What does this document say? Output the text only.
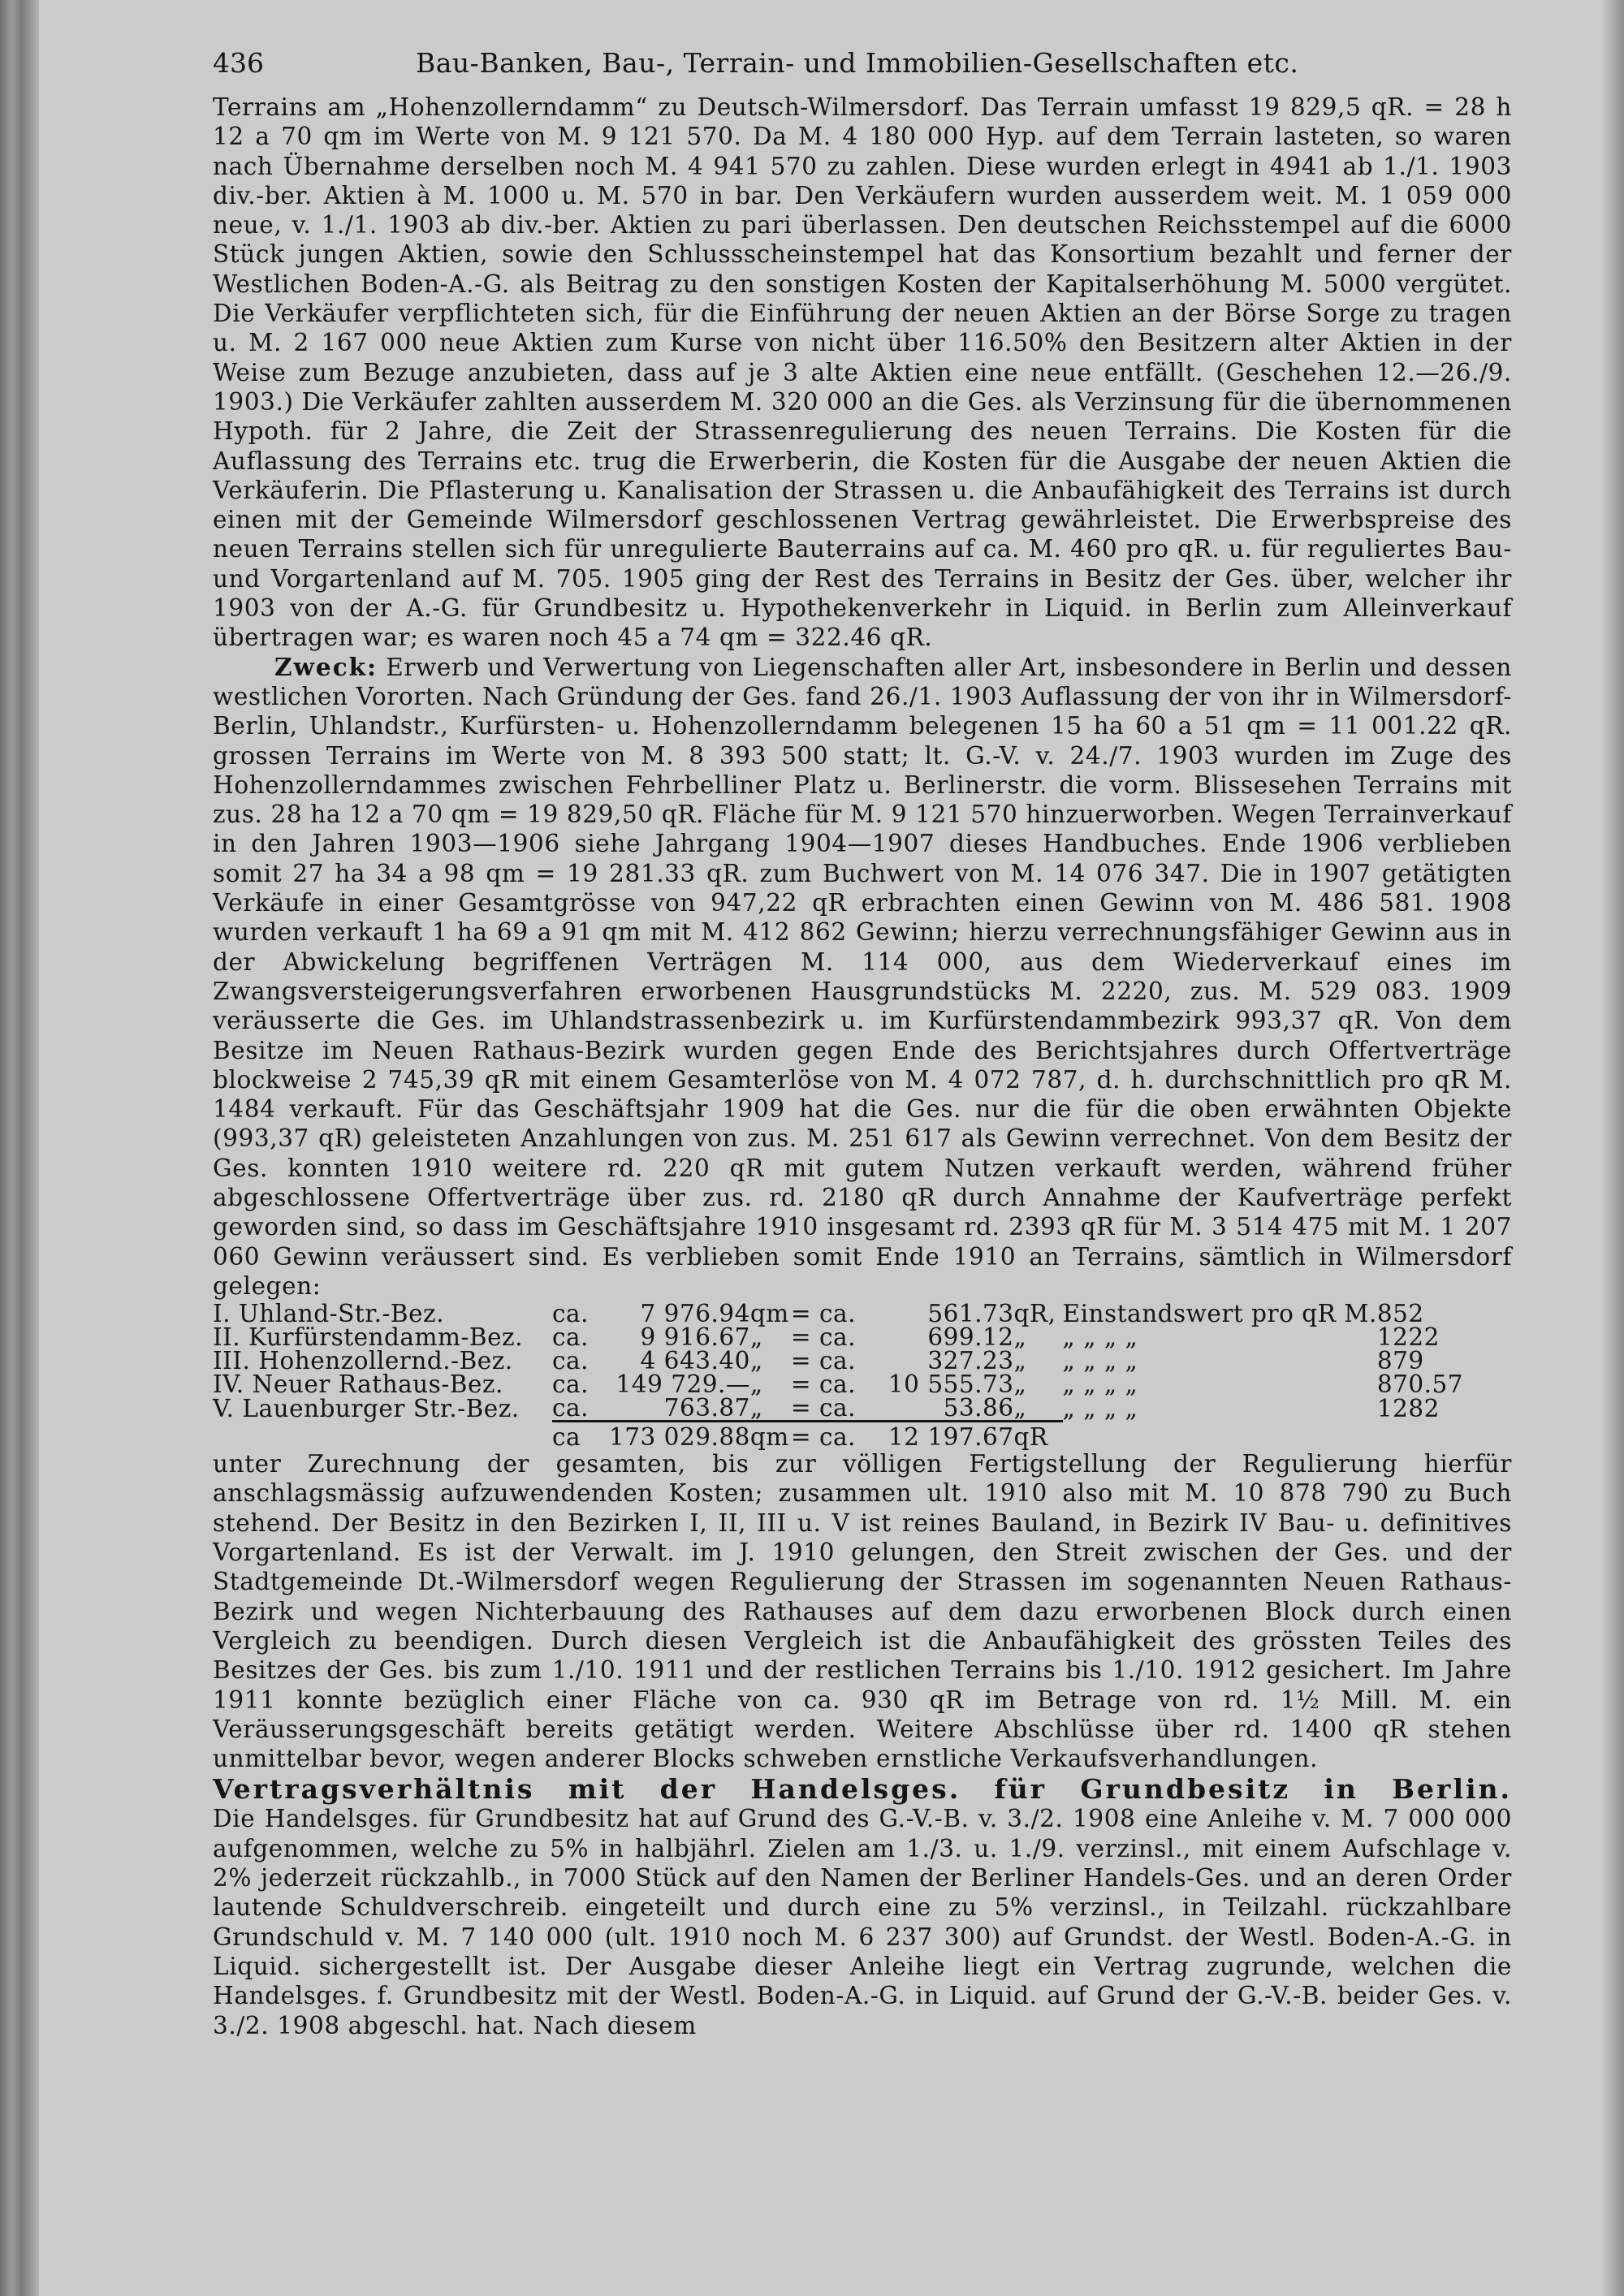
436	Bau-Banken, Bau-, Terrain- und Immobilien-Gesellschaften etc.

Terrains am „Hohenzollerndamm“ zu Deutsch-Wilmersdorf. Das Terrain umfasst 19 829,5 qR. = 28 h 12 a 70 qm im Werte von M. 9 121 570. Da M. 4 180 000 Hyp. auf dem Terrain lasteten, so waren nach Übernahme derselben noch M. 4 941 570 zu zahlen. Diese wurden erlegt in 4941 ab 1./1. 1903 div.-ber. Aktien à M. 1000 u. M. 570 in bar. Den Verkäufern wurden ausserdem weit. M. 1 059 000 neue, v. 1./1. 1903 ab div.-ber. Aktien zu pari überlassen. Den deutschen Reichsstempel auf die 6000 Stück jungen Aktien, sowie den Schlussscheinstempel hat das Konsortium bezahlt und ferner der Westlichen Boden-A.-G. als Beitrag zu den sonstigen Kosten der Kapitalserhöhung M. 5000 vergütet. Die Verkäufer verpflichteten sich, für die Einführung der neuen Aktien an der Börse Sorge zu tragen u. M. 2 167 000 neue Aktien zum Kurse von nicht über 116.50% den Besitzern alter Aktien in der Weise zum Bezuge anzubieten, dass auf je 3 alte Aktien eine neue entfällt. (Geschehen 12.—26./9. 1903.) Die Verkäufer zahlten ausserdem M. 320 000 an die Ges. als Verzinsung für die übernommenen Hypoth. für 2 Jahre, die Zeit der Strassenregulierung des neuen Terrains. Die Kosten für die Auflassung des Terrains etc. trug die Erwerberin, die Kosten für die Ausgabe der neuen Aktien die Verkäuferin. Die Pflasterung u. Kanalisation der Strassen u. die Anbaufähigkeit des Terrains ist durch einen mit der Gemeinde Wilmersdorf geschlossenen Vertrag gewährleistet. Die Erwerbspreise des neuen Terrains stellen sich für unregulierte Bauterrains auf ca. M. 460 pro qR. u. für reguliertes Bau- und Vorgartenland auf M. 705. 1905 ging der Rest des Terrains in Besitz der Ges. über, welcher ihr 1903 von der A.-G. für Grundbesitz u. Hypothekenverkehr in Liquid. in Berlin zum Alleinverkauf übertragen war; es waren noch 45 a 74 qm = 322.46 qR.

Zweck: Erwerb und Verwertung von Liegenschaften aller Art, insbesondere in Berlin und dessen westlichen Vororten. Nach Gründung der Ges. fand 26./1. 1903 Auflassung der von ihr in Wilmersdorf-Berlin, Uhlandstr., Kurfürsten- u. Hohenzollerndamm belegenen 15 ha 60 a 51 qm = 11 001.22 qR. grossen Terrains im Werte von M. 8 393 500 statt; lt. G.-V. v. 24./7. 1903 wurden im Zuge des Hohenzollerndammes zwischen Fehrbelliner Platz u. Berlinerstr. die vorm. Blissesehen Terrains mit zus. 28 ha 12 a 70 qm = 19 829,50 qR. Fläche für M. 9 121 570 hinzuerworben. Wegen Terrainverkauf in den Jahren 1903—1906 siehe Jahrgang 1904—1907 dieses Handbuches. Ende 1906 verblieben somit 27 ha 34 a 98 qm = 19 281.33 qR. zum Buchwert von M. 14 076 347. Die in 1907 getätigten Verkäufe in einer Gesamtgrösse von 947,22 qR erbrachten einen Gewinn von M. 486 581. 1908 wurden verkauft 1 ha 69 a 91 qm mit M. 412 862 Gewinn; hierzu verrechnungsfähiger Gewinn aus in der Abwickelung begriffenen Verträgen M. 114 000, aus dem Wiederverkauf eines im Zwangsversteigerungsverfahren erworbenen Hausgrundstücks M. 2220, zus. M. 529 083. 1909 veräusserte die Ges. im Uhlandstrassenbezirk u. im Kurfürstendammbezirk 993,37 qR. Von dem Besitze im Neuen Rathaus-Bezirk wurden gegen Ende des Berichtsjahres durch Offertverträge blockweise 2 745,39 qR mit einem Gesamterlöse von M. 4 072 787, d. h. durchschnittlich pro qR M. 1484 verkauft. Für das Geschäftsjahr 1909 hat die Ges. nur die für die oben erwähnten Objekte (993,37 qR) geleisteten Anzahlungen von zus. M. 251 617 als Gewinn verrechnet. Von dem Besitz der Ges. konnten 1910 weitere rd. 220 qR mit gutem Nutzen verkauft werden, während früher abgeschlossene Offertverträge über zus. rd. 2180 qR durch Annahme der Kaufverträge perfekt geworden sind, so dass im Geschäftsjahre 1910 insgesamt rd. 2393 qR für M. 3 514 475 mit M. 1 207 060 Gewinn veräussert sind. Es verblieben somit Ende 1910 an Terrains, sämtlich in Wilmersdorf gelegen:

I. Uhland-Str.-Bez.	ca.	7 976.94	qm	= ca.	561.73	qR,	Einstandswert pro qR M.	852
II. Kurfürstendamm-Bez.	ca.	9 916.67	„	= ca.	699.12	„	„ „ „ „	1222
III. Hohenzollernd.-Bez.	ca.	4 643.40	„	= ca.	327.23	„	„ „ „ „	879
IV. Neuer Rathaus-Bez.	ca.	149 729.—	„	= ca.	10 555.73	„	„ „ „ „	870.57
V. Lauenburger Str.-Bez.	ca.	763.87	„	= ca.	53.86	„	„ „ „ „	1282
	ca	173 029.88	qm	= ca.	12 197.67	qR		

unter Zurechnung der gesamten, bis zur völligen Fertigstellung der Regulierung hierfür anschlagsmässig aufzuwendenden Kosten; zusammen ult. 1910 also mit M. 10 878 790 zu Buch stehend. Der Besitz in den Bezirken I, II, III u. V ist reines Bauland, in Bezirk IV Bau- u. definitives Vorgartenland. Es ist der Verwalt. im J. 1910 gelungen, den Streit zwischen der Ges. und der Stadtgemeinde Dt.-Wilmersdorf wegen Regulierung der Strassen im sogenannten Neuen Rathaus-Bezirk und wegen Nichterbauung des Rathauses auf dem dazu erworbenen Block durch einen Vergleich zu beendigen. Durch diesen Vergleich ist die Anbaufähigkeit des grössten Teiles des Besitzes der Ges. bis zum 1./10. 1911 und der restlichen Terrains bis 1./10. 1912 gesichert. Im Jahre 1911 konnte bezüglich einer Fläche von ca. 930 qR im Betrage von rd. 1½ Mill. M. ein Veräusserungsgeschäft bereits getätigt werden. Weitere Abschlüsse über rd. 1400 qR stehen unmittelbar bevor, wegen anderer Blocks schweben ernstliche Verkaufsverhandlungen.

Vertragsverhältnis mit der Handelsges. für Grundbesitz in Berlin.

Die Handelsges. für Grundbesitz hat auf Grund des G.-V.-B. v. 3./2. 1908 eine Anleihe v. M. 7 000 000 aufgenommen, welche zu 5% in halbjährl. Zielen am 1./3. u. 1./9. verzinsl., mit einem Aufschlage v. 2% jederzeit rückzahlb., in 7000 Stück auf den Namen der Berliner Handels-Ges. und an deren Order lautende Schuldverschreib. eingeteilt und durch eine zu 5% verzinsl., in Teilzahl. rückzahlbare Grundschuld v. M. 7 140 000 (ult. 1910 noch M. 6 237 300) auf Grundst. der Westl. Boden-A.-G. in Liquid. sichergestellt ist. Der Ausgabe dieser Anleihe liegt ein Vertrag zugrunde, welchen die Handelsges. f. Grundbesitz mit der Westl. Boden-A.-G. in Liquid. auf Grund der G.-V.-B. beider Ges. v. 3./2. 1908 abgeschl. hat. Nach diesem
